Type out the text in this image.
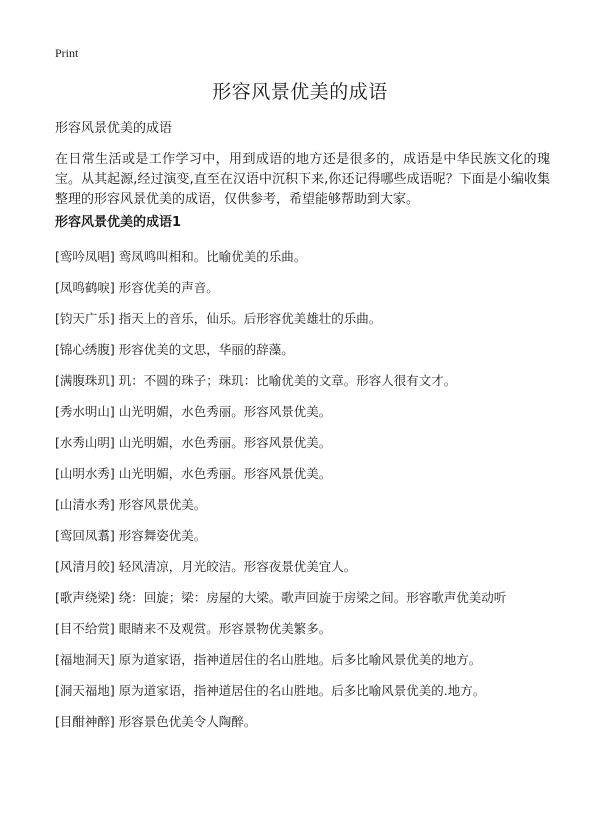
Print
形容风景优美的成语

形容风景优美的成语

在日常生活或是工作学习中，用到成语的地方还是很多的，成语是中华民族文化的瑰宝。从其起源,经过演变,直至在汉语中沉积下来,你还记得哪些成语呢？下面是小编收集整理的形容风景优美的成语，仅供参考，希望能够帮助到大家。

形容风景优美的成语1
[鸾吟凤唱] 鸾凤鸣叫相和。比喻优美的乐曲。
[凤鸣鹤唳] 形容优美的声音。
[钧天广乐] 指天上的音乐，仙乐。后形容优美雄壮的乐曲。
[锦心绣腹] 形容优美的文思，华丽的辞藻。
[满腹珠玑] 玑：不圆的珠子；珠玑：比喻优美的文章。形容人很有文才。
[秀水明山] 山光明媚，水色秀丽。形容风景优美。
[水秀山明] 山光明媚，水色秀丽。形容风景优美。
[山明水秀] 山光明媚，水色秀丽。形容风景优美。
[山清水秀] 形容风景优美。
[鸾回凤翥] 形容舞姿优美。
[风清月皎] 轻风清凉，月光皎洁。形容夜景优美宜人。
[歌声绕梁] 绕：回旋；梁：房屋的大梁。歌声回旋于房梁之间。形容歌声优美动听
[目不给赏] 眼睛来不及观赏。形容景物优美繁多。
[福地洞天] 原为道家语，指神道居住的名山胜地。后多比喻风景优美的地方。
[洞天福地] 原为道家语，指神道居住的名山胜地。后多比喻风景优美的.地方。
[目酣神醉] 形容景色优美令人陶醉。
